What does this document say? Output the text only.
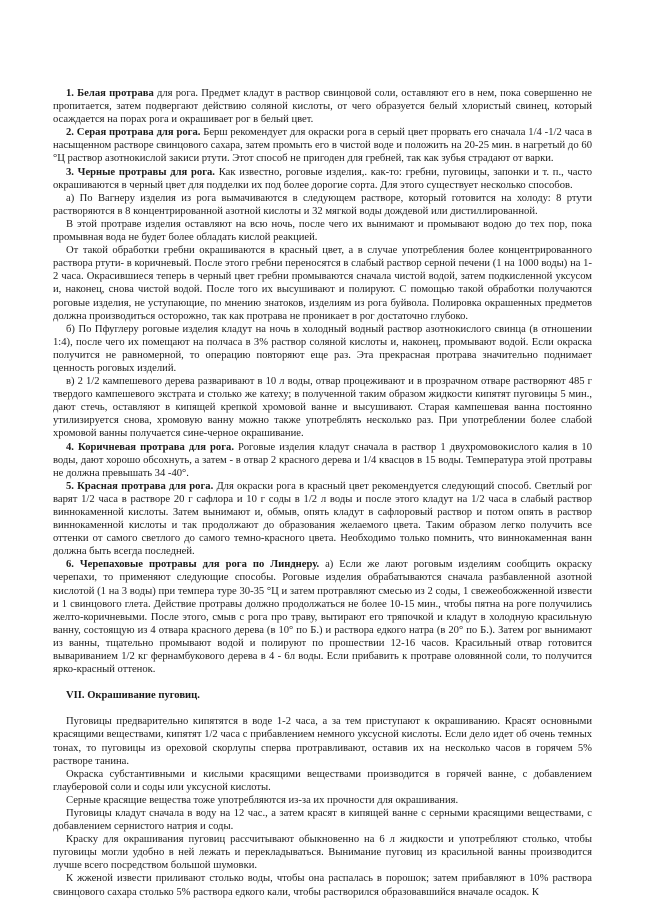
1. Белая протрава для рога. Предмет кладут в раствор свинцовой соли, оставляют его в нем, пока совершенно не пропитается, затем подвергают действию соляной кислоты, от чего образуется белый хлористый свинец, который осаждается на порах рога и окрашивает рог в белый цвет.

2. Серая протрава для рога. Берш рекомендует для окраски рога в серый цвет прорвать его сначала 1/4 -1/2 часа в насыщенном растворе свинцового сахара, затем промыть его в чистой воде и положить на 20-25 мин. в нагретый до 60 °Ц раствор азотнокислой закиси ртути. Этот способ не пригоден для гребней, так как зубья страдают от варки.

3. Черные протравы для рога. Как известно, роговые изделия,. как-то: гребни, пуговицы, запонки и т. п., часто окрашиваются в черный цвет для подделки их под более дорогие сорта. Для этого существует несколько способов.

а) По Вагнеру изделия из рога вымачиваются в следующем растворе, который готовится на холоду: 8 ртути растворяются в 8 концентрированной азотной кислоты и 32 мягкой воды дождевой или дистиллированной.

В этой протраве изделия оставляют на всю ночь, после чего их вынимают и промывают водою до тех пор, пока промывная вода не будет более обладать кислой реакцией.

От такой обработки гребни окрашиваются в красный цвет, а в случае употребления более концентрированного раствора ртути- в коричневый. После этого гребни переносятся в слабый раствор серной печени (1 на 1000 воды) на 1-2 часа. Окрасившиеся теперь в черный цвет гребни промываются сначала чистой водой, затем подкисленной уксусом и, наконец, снова чистой водой. После того их высушивают и полируют. С помощью такой обработки получаются роговые изделия, не уступающие, по мнению знатоков, изделиям из рога буйвола. Полировка окрашенных предметов должна производиться осторожно, так как протрава не проникает в рог достаточно глубоко.

б) По Пфуглеру роговые изделия кладут на ночь в холодный водный раствор азотнокислого свинца (в отношении 1:4), после чего их помещают на полчаса в 3% раствор соляной кислоты и, наконец, промывают водой. Если окраска получится не равномерной, то операцию повторяют еще раз. Эта прекрасная протрава значительно поднимает ценность роговых изделий.

в) 2 1/2 кампешевого дерева разваривают в 10 л воды, отвар процеживают и в прозрачном отваре растворяют 485 г твердого кампешевого экстрата и столько же катеху; в полученной таким образом жидкости кипятят пуговицы 5 мин., дают стечь, оставляют в кипящей крепкой хромовой ванне и высушивают. Старая кампешевая ванна постоянно утилизируется снова, хромовую ванну можно также употреблять несколько раз. При употреблении более слабой хромовой ванны получается сине-черное окрашивание.

4. Коричневая протрава для рога. Роговые изделия кладут сначала в раствор 1 двухромовокислого калия в 10 воды, дают хорошо обсохнуть, а затем - в отвар 2 красного дерева и 1/4 квасцов в 15 воды. Температура этой протравы не должна превышать 34 -40°.

5. Красная протрава для рога. Для окраски рога в красный цвет рекомендуется следующий способ. Светлый рог варят 1/2 часа в растворе 20 г сафлора и 10 г соды в 1/2 л воды и после этого кладут на 1/2 часа в слабый раствор виннокаменной кислоты. Затем вынимают и, обмыв, опять кладут в сафлоровый раствор и потом опять в раствор виннокаменной кислоты и так продолжают до образования желаемого цвета. Таким образом легко получить все оттенки от самого светлого до самого темно-красного цвета. Необходимо только помнить, что виннокаменная ванн должна быть всегда последней.

6. Черепаховые протравы для рога по Линднеру. а) Если же лают роговым изделиям сообщить окраску черепахи, то применяют следующие способы. Роговые изделия обрабатываются сначала разбавленной азотной кислотой (1 на 3 воды) при темпера туре 30-35 °Ц и затем протравляют смесью из 2 соды, 1 свежеобожженной извести и 1 свинцового глета. Действие протравы должно продолжаться не более 10-15 мин., чтобы пятна на роге получились желто-коричневыми. После этого, смыв с рога про траву, вытирают его тряпочкой и кладут в холодную красильную ванну, состоящую из 4 отвара красного дерева (в 10° по Б.) и раствора едкого натра (в 20° по Б.). Затем рог вынимают из ванны, тщательно промывают водой и полируют по прошествии 12-16 часов. Красильный отвар готовится вывариванием 1/2 кг фернамбукового дерева в 4 - 6л воды. Если прибавить к протраве оловянной соли, то получится ярко-красный оттенок.

VII. Окрашивание пуговиц.

Пуговицы предварительно кипятятся в воде 1-2 часа, а за тем приступают к окрашиванию. Красят основными красящими веществами, кипятят 1/2 часа с прибавлением немного уксусной кислоты. Если дело идет об очень темных тонах, то пуговицы из ореховой скорлупы сперва протравливают, оставив их на несколько часов в горячем 5% растворе танина.

Окраска субстантивными и кислыми красящими веществами производится в горячей ванне, с добавлением глауберовой соли и соды или уксусной кислоты.

Серные красящие вещества тоже употребляются из-за их прочности для окрашивания.

Пуговицы кладут сначала в воду на 12 час., а затем красят в кипящей ванне с серными красящими веществами, с добавлением сернистого натрия и соды.

Краску для окрашивания пуговиц рассчитывают обыкновенно на 6 л жидкости и употребляют столько, чтобы пуговицы могли удобно в ней лежать и перекладываться. Вынимание пуговиц из красильной ванны производится лучше всего посредством большой шумовки.

К жженой извести приливают столько воды, чтобы она распалась в порошок; затем прибавляют в 10% раствора свинцового сахара столько 5% раствора едкого кали, чтобы растворился образовавшийся вначале осадок. К
